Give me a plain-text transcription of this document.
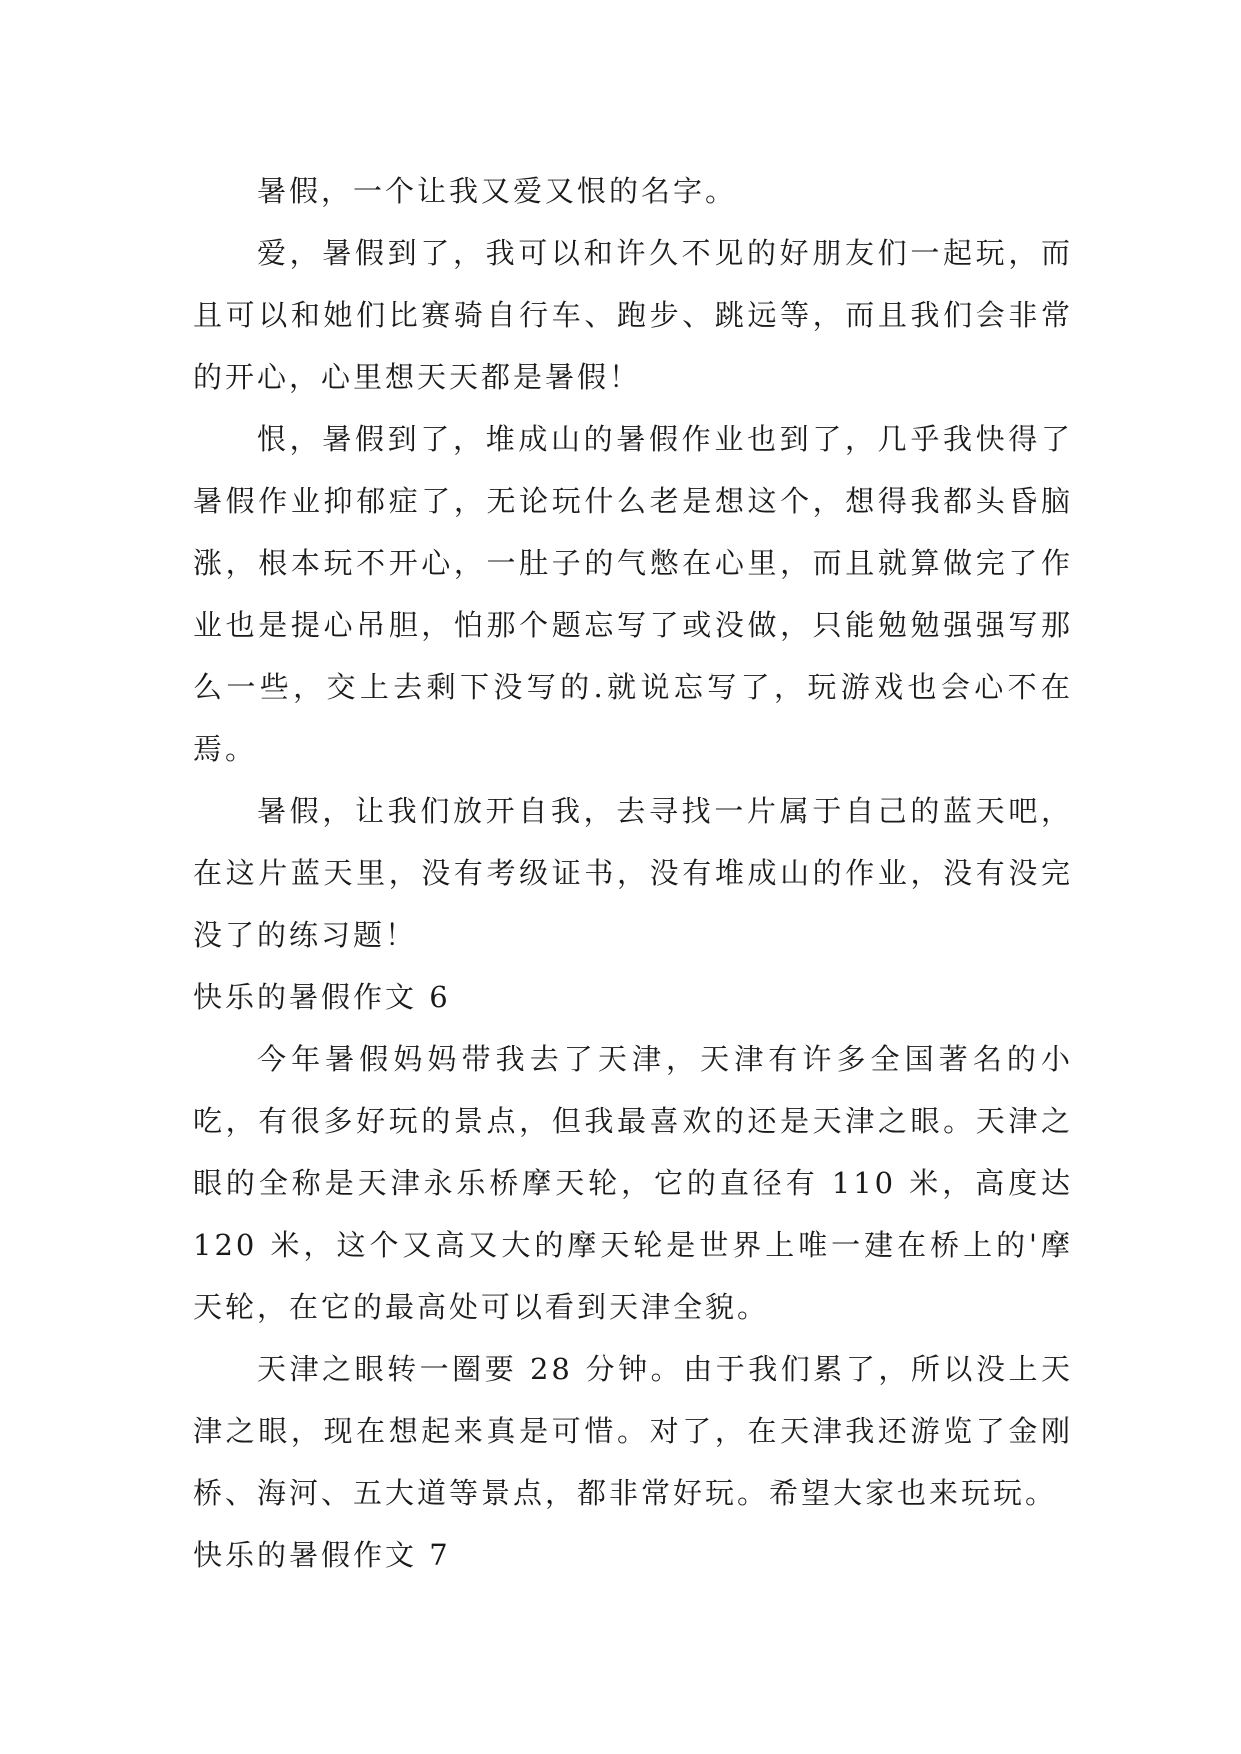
暑假，一个让我又爱又恨的名字。

爱，暑假到了，我可以和许久不见的好朋友们一起玩，而且可以和她们比赛骑自行车、跑步、跳远等，而且我们会非常的开心，心里想天天都是暑假！

恨，暑假到了，堆成山的暑假作业也到了，几乎我快得了暑假作业抑郁症了，无论玩什么老是想这个，想得我都头昏脑涨，根本玩不开心，一肚子的气憋在心里，而且就算做完了作业也是提心吊胆，怕那个题忘写了或没做，只能勉勉强强写那么一些，交上去剩下没写的.就说忘写了，玩游戏也会心不在焉。

暑假，让我们放开自我，去寻找一片属于自己的蓝天吧，在这片蓝天里，没有考级证书，没有堆成山的作业，没有没完没了的练习题！

快乐的暑假作文 6

今年暑假妈妈带我去了天津，天津有许多全国著名的小吃，有很多好玩的景点，但我最喜欢的还是天津之眼。天津之眼的全称是天津永乐桥摩天轮，它的直径有 110 米，高度达 120 米，这个又高又大的摩天轮是世界上唯一建在桥上的'摩天轮，在它的最高处可以看到天津全貌。

天津之眼转一圈要 28 分钟。由于我们累了，所以没上天津之眼，现在想起来真是可惜。对了，在天津我还游览了金刚桥、海河、五大道等景点，都非常好玩。希望大家也来玩玩。

快乐的暑假作文 7
